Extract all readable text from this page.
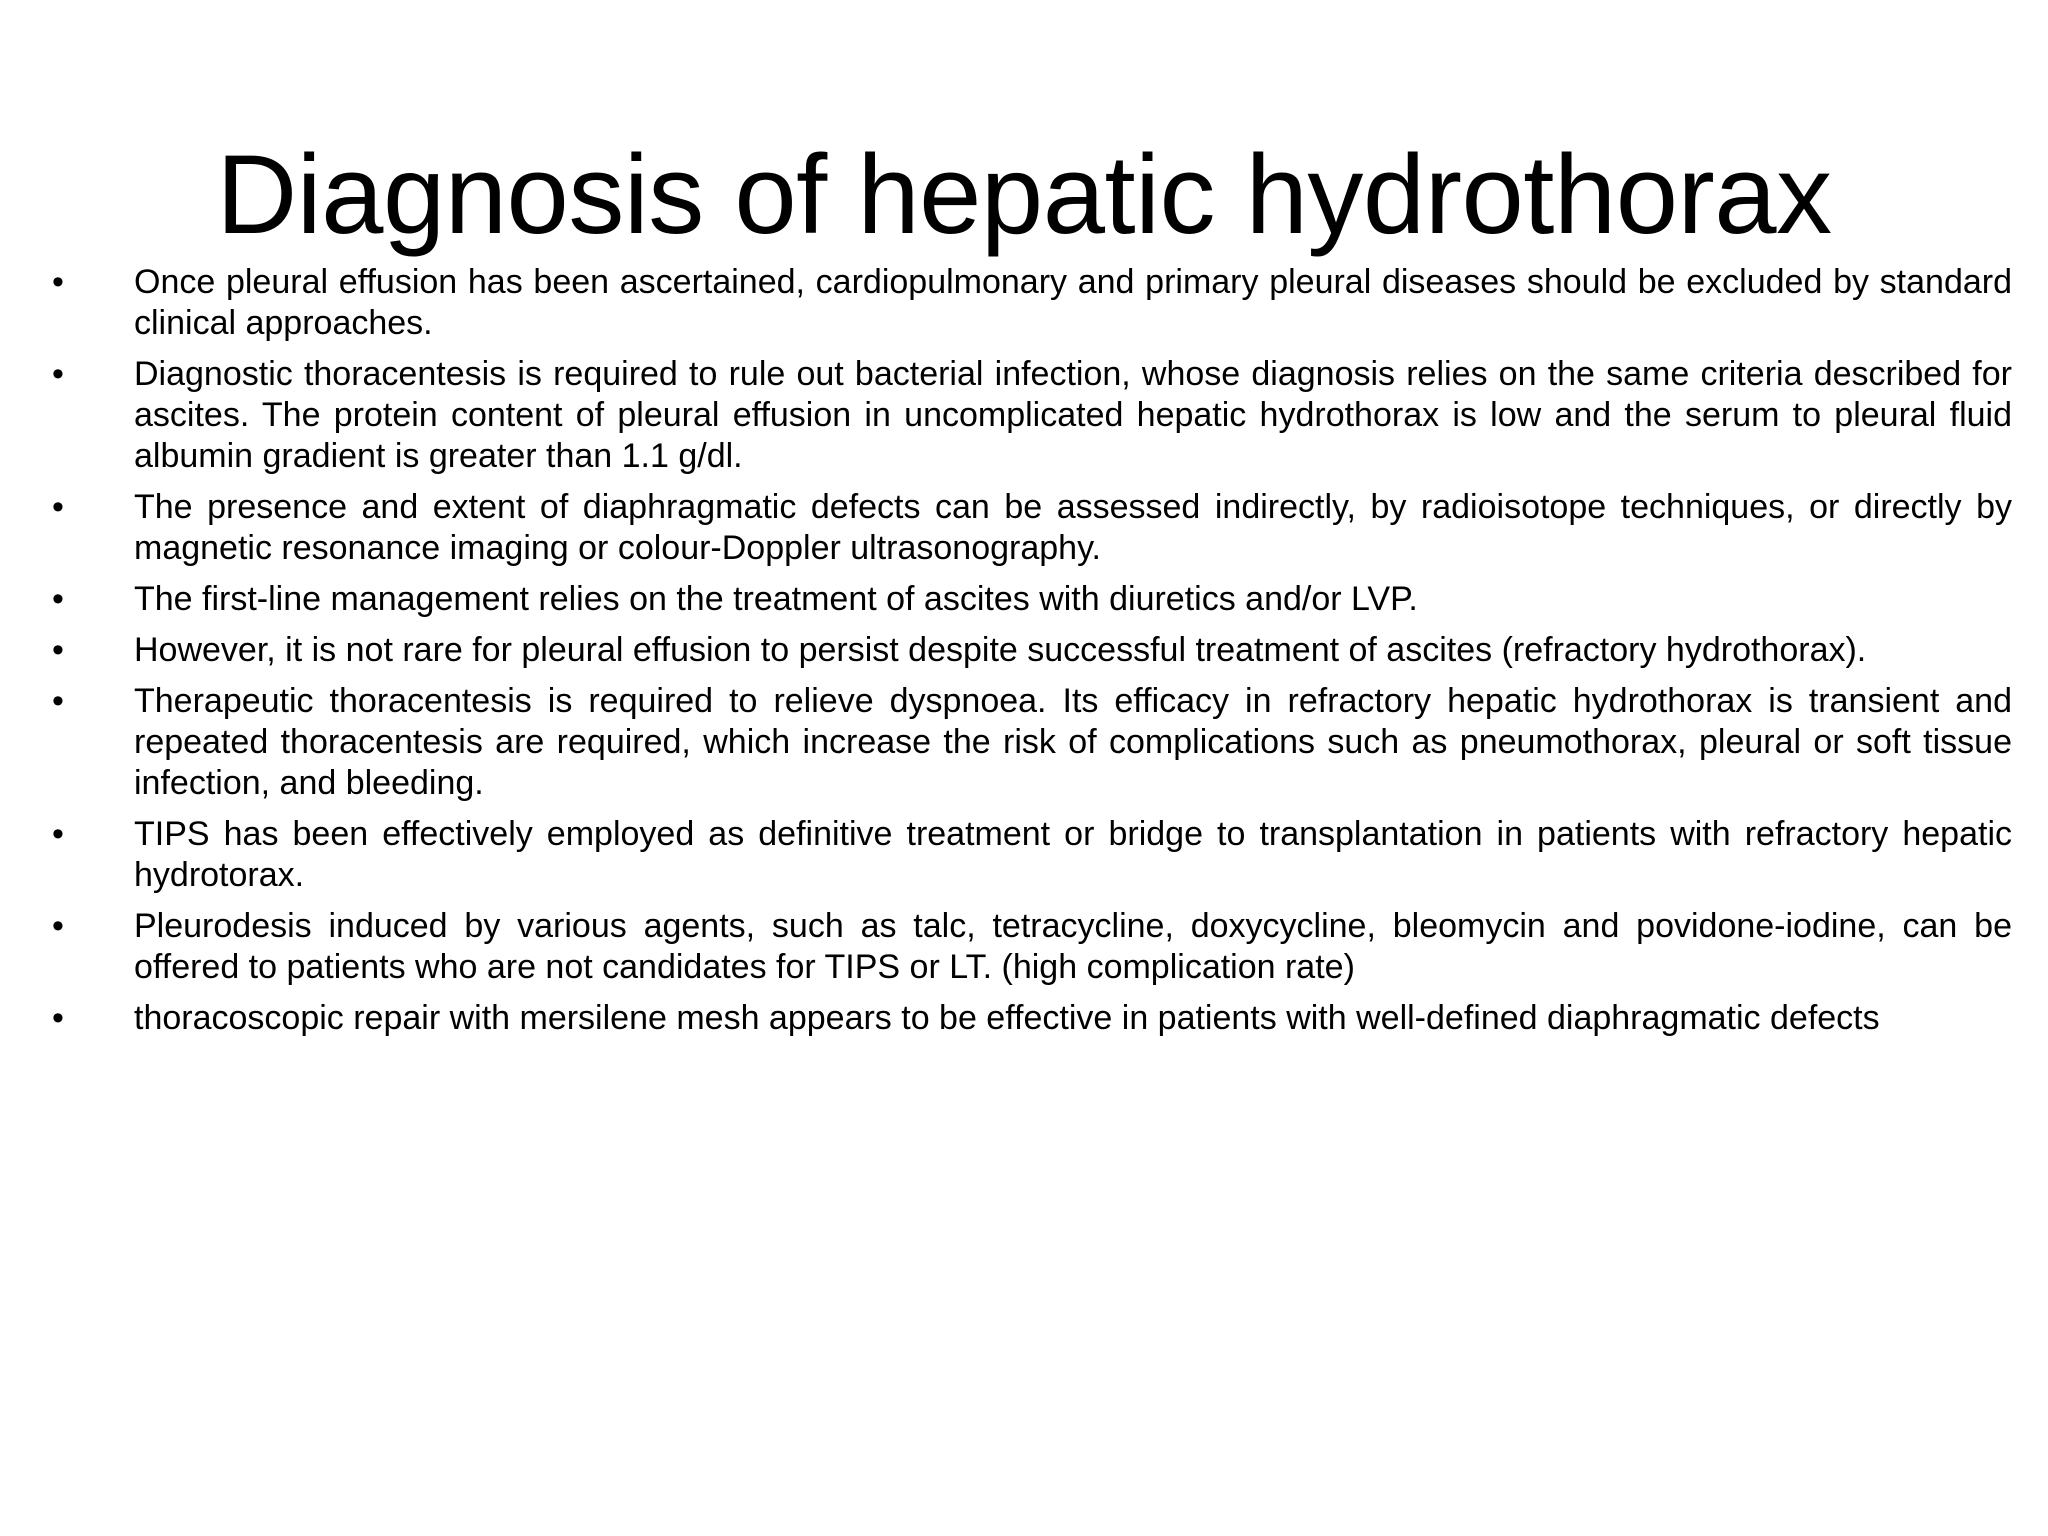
Diagnosis of hepatic hydrothorax
• Once pleural effusion has been ascertained, cardiopulmonary and primary pleural diseases should be excluded by standard clinical approaches.
• Diagnostic thoracentesis is required to rule out bacterial infection, whose diagnosis relies on the same criteria described for ascites. The protein content of pleural effusion in uncomplicated hepatic hydrothorax is low and the serum to pleural fluid albumin gradient is greater than 1.1 g/dl.
• The presence and extent of diaphragmatic defects can be assessed indirectly, by radioisotope techniques, or directly by magnetic resonance imaging or colour-Doppler ultrasonography.
• The first-line management relies on the treatment of ascites with diuretics and/or LVP.
• However, it is not rare for pleural effusion to persist despite successful treatment of ascites (refractory hydrothorax).
• Therapeutic thoracentesis is required to relieve dyspnoea. Its efficacy in refractory hepatic hydrothorax is transient and repeated thoracentesis are required, which increase the risk of complications such as pneumothorax, pleural or soft tissue infection, and bleeding.
• TIPS has been effectively employed as definitive treatment or bridge to transplantation in patients with refractory hepatic hydrotorax.
• Pleurodesis induced by various agents, such as talc, tetracycline, doxycycline, bleomycin and povidone-iodine, can be offered to patients who are not candidates for TIPS or LT. (high complication rate)
• thoracoscopic repair with mersilene mesh appears to be effective in patients with well-defined diaphragmatic defects
